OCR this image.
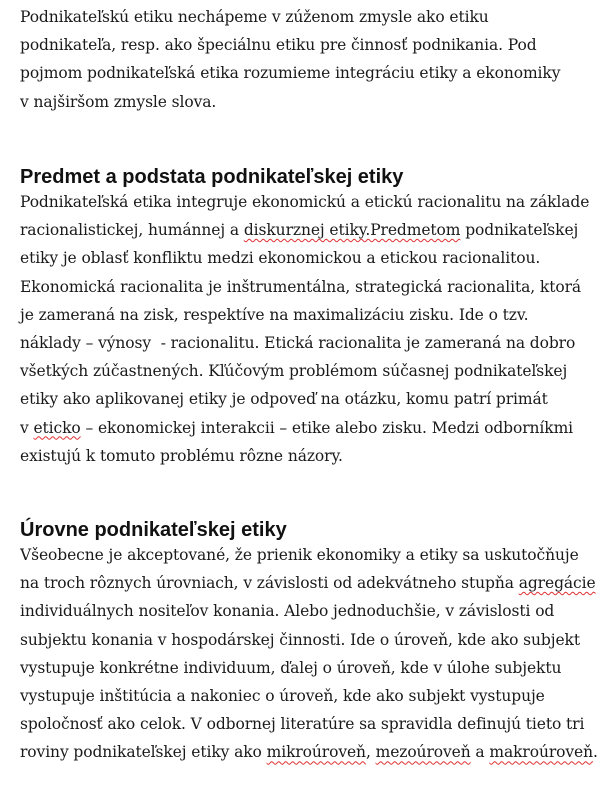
Podnikateľskú etiku nechápeme v zúženom zmysle ako etiku
podnikateľa, resp. ako špeciálnu etiku pre činnosť podnikania. Pod
pojmom podnikateľská etika rozumieme integráciu etiky a ekonomiky
v najširšom zmysle slova.
Predmet a podstata podnikateľskej etiky
Podnikateľská etika integruje ekonomickú a etickú racionalitu na základe
racionalistickej, humánnej a diskurznej etiky.Predmetom podnikateľskej
etiky je oblasť konfliktu medzi ekonomickou a etickou racionalitou.
Ekonomická racionalita je inštrumentálna, strategická racionalita, ktorá
je zameraná na zisk, respektíve na maximalizáciu zisku. Ide o tzv.
náklady – výnosy  - racionalitu. Etická racionalita je zameraná na dobro
všetkých zúčastnených. Kľúčovým problémom súčasnej podnikateľskej
etiky ako aplikovanej etiky je odpoveď na otázku, komu patrí primát
v eticko – ekonomickej interakcii – etike alebo zisku. Medzi odborníkmi
existujú k tomuto problému rôzne názory.
Úrovne podnikateľskej etiky
Všeobecne je akceptované, že prienik ekonomiky a etiky sa uskutočňuje
na troch rôznych úrovniach, v závislosti od adekvátneho stupňa agregácie
individuálnych nositeľov konania. Alebo jednoduchšie, v závislosti od
subjektu konania v hospodárskej činnosti. Ide o úroveň, kde ako subjekt
vystupuje konkrétne individuum, ďalej o úroveň, kde v úlohe subjektu
vystupuje inštitúcia a nakoniec o úroveň, kde ako subjekt vystupuje
spoločnosť ako celok. V odbornej literatúre sa spravidla definujú tieto tri
roviny podnikateľskej etiky ako mikroúroveň, mezoúroveň a makroúroveň.
